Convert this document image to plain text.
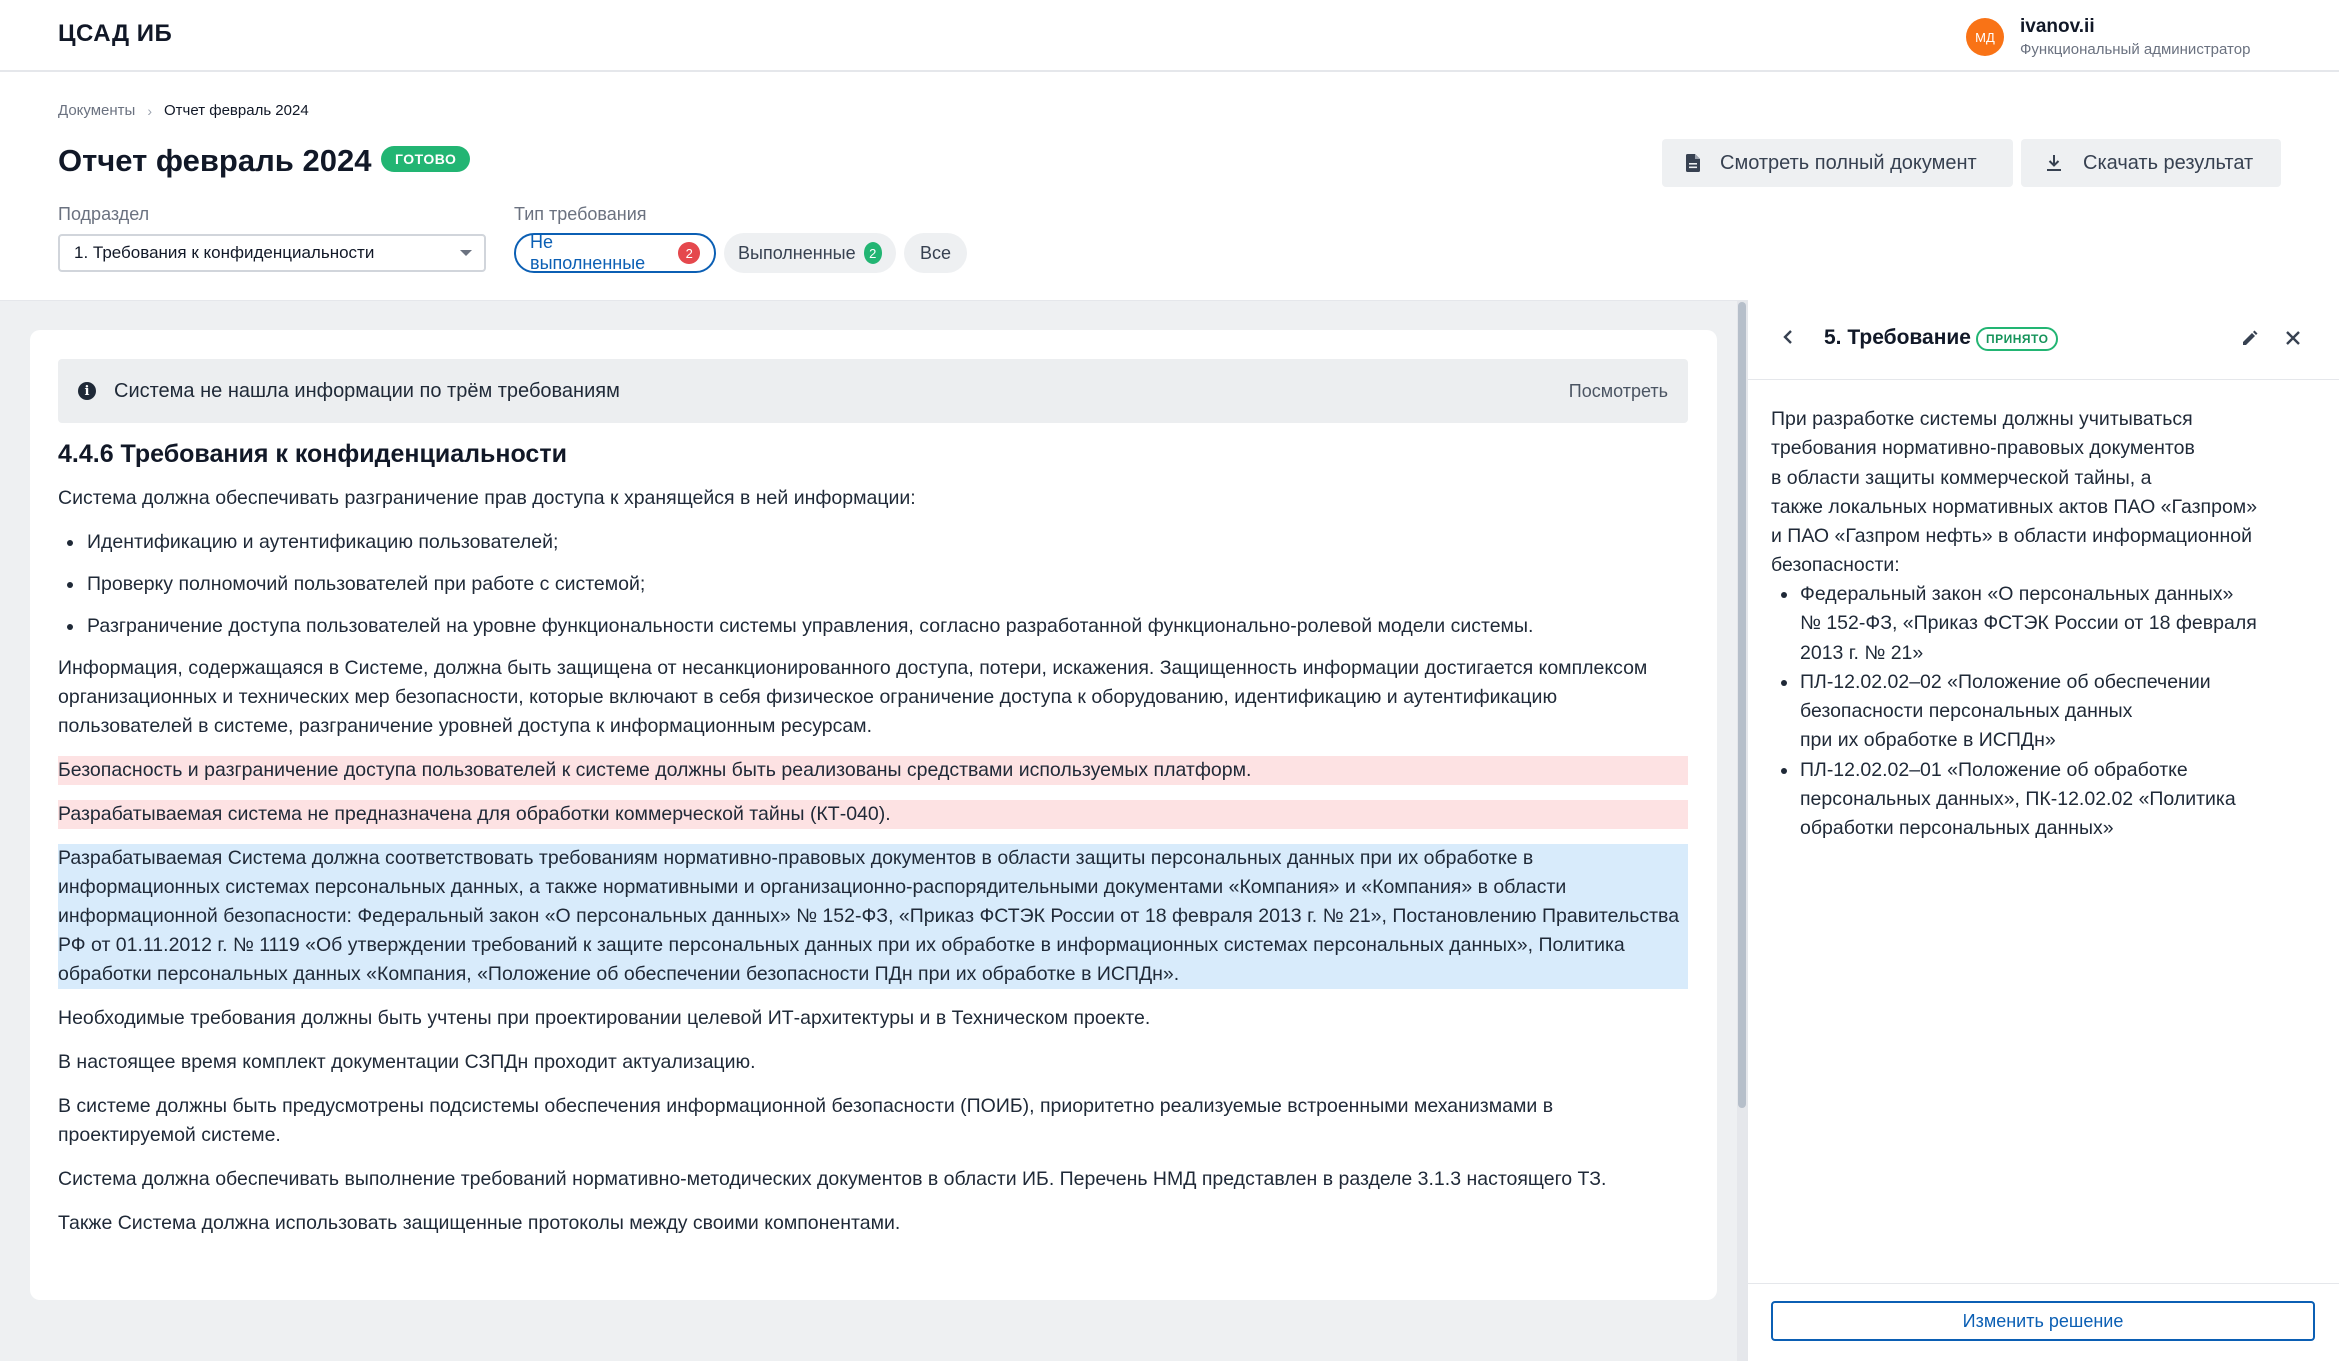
ЦСАД ИБ	МД	ivanov.ii
Функциональный администратор
Документы › Отчет февраль 2024
Отчет февраль 2024	ГОТОВО	Смотреть полный документ	Скачать результат
Подраздел
1. Требования к конфиденциальности
Тип требования
Не выполненные	2	Выполненные	2	Все
i	Система не нашла информации по трём требованиям	Посмотреть
4.4.6 Требования к конфиденциальности

Система должна обеспечивать разграничение прав доступа к хранящейся в ней информации:

Идентификацию и аутентификацию пользователей;
Проверку полномочий пользователей при работе с системой;
Разграничение доступа пользователей на уровне функциональности системы управления, согласно разработанной функционально-ролевой модели системы.

Информация, содержащаяся в Системе, должна быть защищена от несанкционированного доступа, потери, искажения. Защищенность информации достигается комплексом организационных и технических мер безопасности, которые включают в себя физическое ограничение доступа к оборудованию, идентификацию и аутентификацию пользователей в системе, разграничение уровней доступа к информационным ресурсам.

Безопасность и разграничение доступа пользователей к системе должны быть реализованы средствами используемых платформ.

Разрабатываемая система не предназначена для обработки коммерческой тайны (КТ-040).

Разрабатываемая Система должна соответствовать требованиям нормативно-правовых документов в области защиты персональных данных при их обработке в информационных системах персональных данных, а также нормативными и организационно-распорядительными документами «Компания» и «Компания» в области информационной безопасности: Федеральный закон «О персональных данных» № 152-ФЗ, «Приказ ФСТЭК России от 18 февраля 2013 г. № 21», Постановлению Правительства РФ от 01.11.2012 г. № 1119 «Об утверждении требований к защите персональных данных при их обработке в информационных системах персональных данных», Политика обработки персональных данных «Компания, «Положение об обеспечении безопасности ПДн при их обработке в ИСПДн».

Необходимые требования должны быть учтены при проектировании целевой ИТ-архитектуры и в Техническом проекте.

В настоящее время комплект документации СЗПДн проходит актуализацию.

В системе должны быть предусмотрены подсистемы обеспечения информационной безопасности (ПОИБ), приоритетно реализуемые встроенными механизмами в проектируемой системе.

Система должна обеспечивать выполнение требований нормативно-методических документов в области ИБ. Перечень НМД представлен в разделе 3.1.3 настоящего ТЗ.

Также Система должна использовать защищенные протоколы между своими компонентами.

5. Требование	ПРИНЯТО
При разработке системы должны учитываться
требования нормативно-правовых документов
в области защиты коммерческой тайны, а
также локальных нормативных актов ПАО «Газпром»
и ПАО «Газпром нефть» в области информационной
безопасности:
Федеральный закон «О персональных данных»
№ 152-ФЗ, «Приказ ФСТЭК России от 18 февраля
2013 г. № 21»
ПЛ-12.02.02–02 «Положение об обеспечении
безопасности персональных данных
при их обработке в ИСПДн»
ПЛ-12.02.02–01 «Положение об обработке
персональных данных», ПК-12.02.02 «Политика
обработки персональных данных»
Изменить решение
